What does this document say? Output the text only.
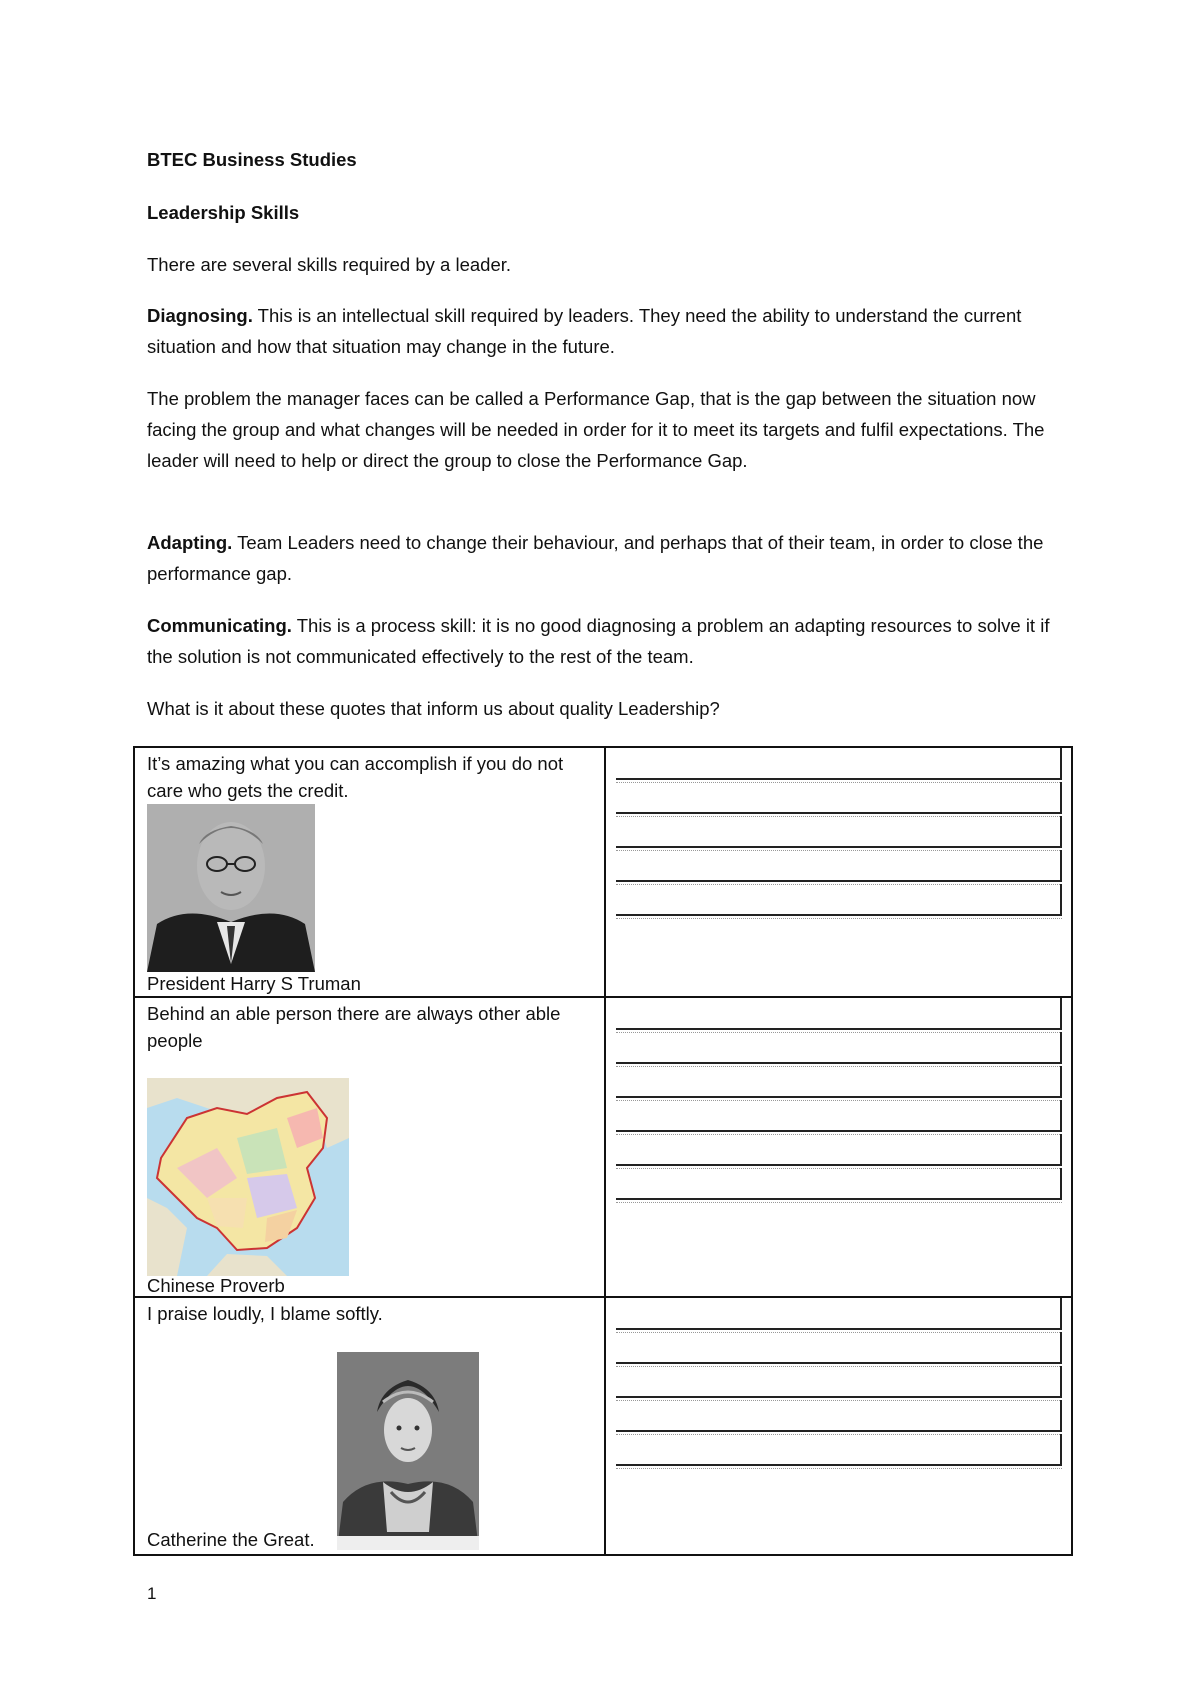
BTEC Business Studies
Leadership Skills
There are several skills required by a leader.
Diagnosing. This is an intellectual skill required by leaders. They need the ability to understand the current situation and how that situation may change in the future.
The problem the manager faces can be called a Performance Gap, that is the gap between the situation now facing the group and what changes will be needed in order for it to meet its targets and fulfil expectations. The leader will need to help or direct the group to close the Performance Gap.
Adapting. Team Leaders need to change their behaviour, and perhaps that of their team, in order to close the performance gap.
Communicating. This is a process skill: it is no good diagnosing a problem an adapting resources to solve it if the solution is not communicated effectively to the rest of the team.
What is it about these quotes that inform us about quality Leadership?
It’s amazing what you can accomplish if you do not care who gets the credit.
President Harry S Truman	

Behind an able person there are always other able people
Chinese Proverb	

I praise loudly, I blame softly.
Catherine the Great.	

1
